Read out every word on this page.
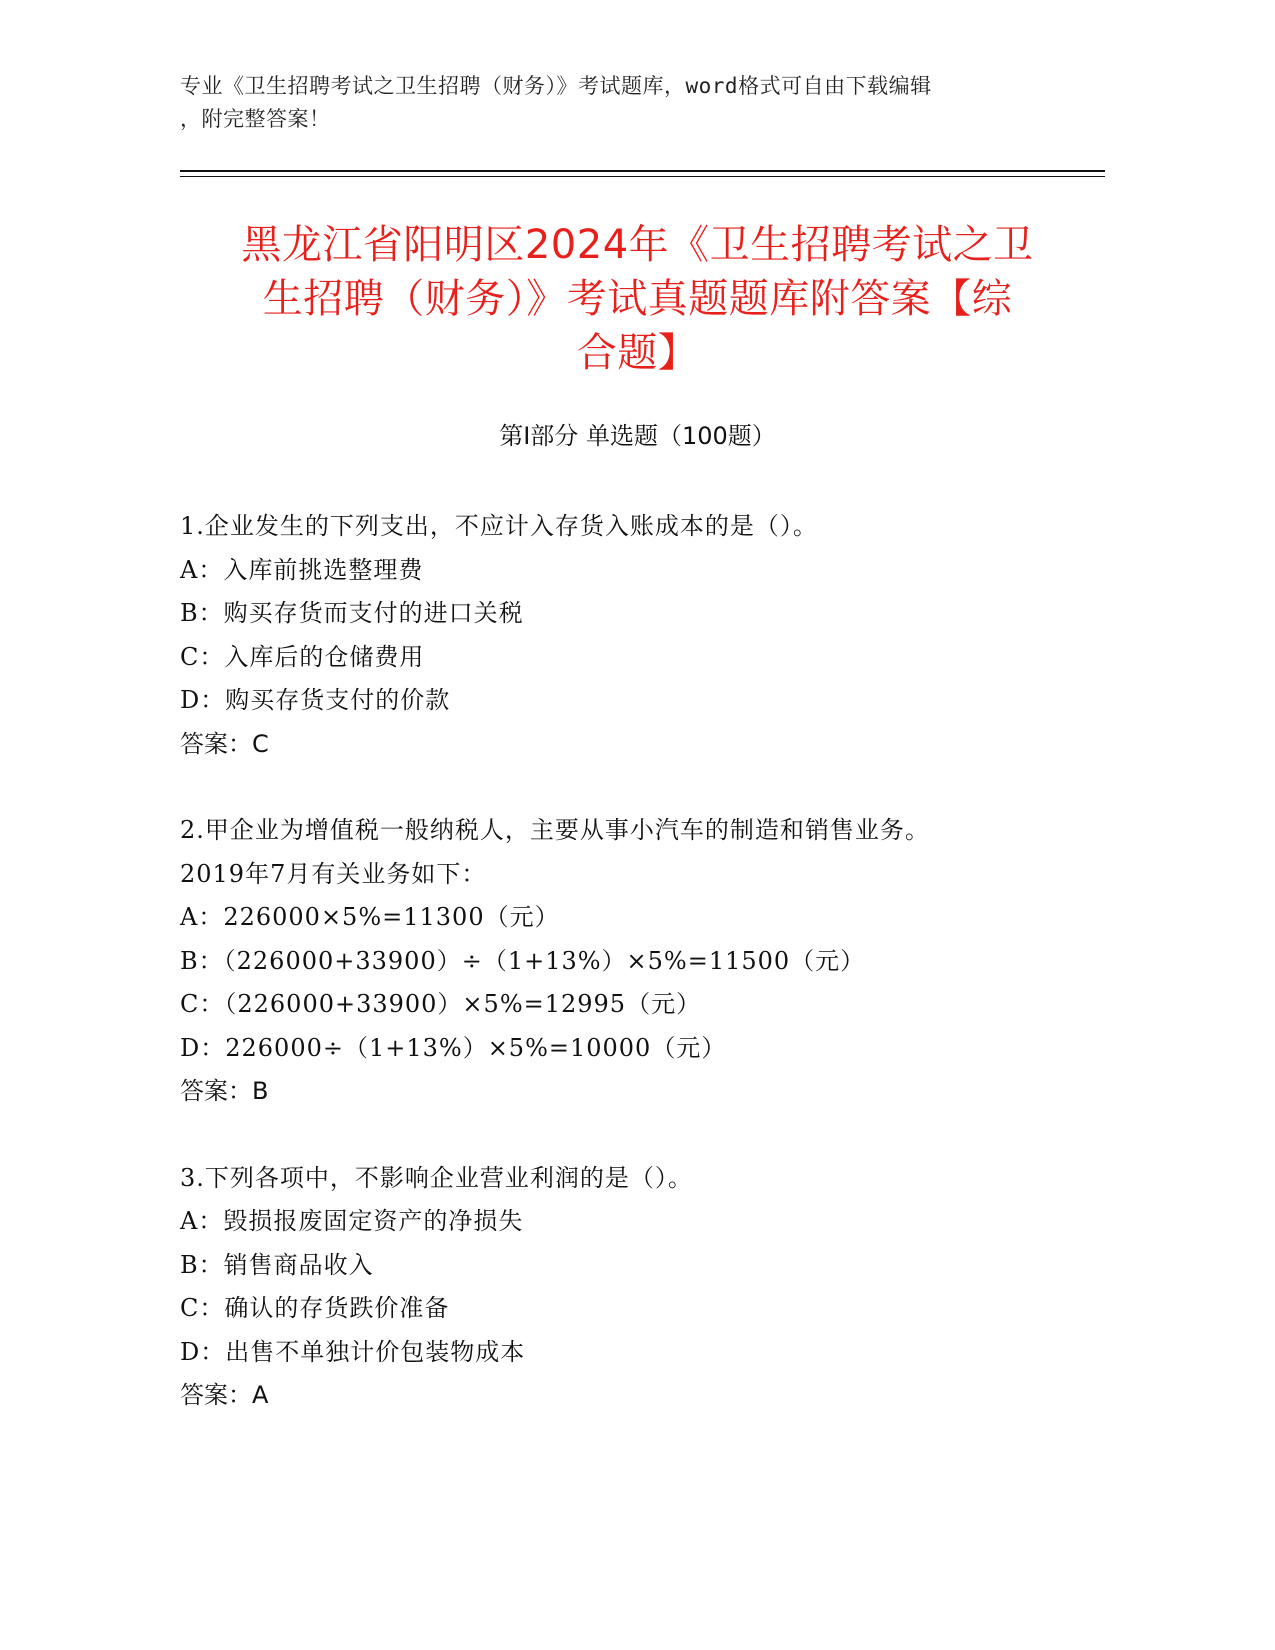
专业《卫生招聘考试之卫生招聘（财务）》考试题库，word格式可自由下载编辑
，附完整答案！
黑龙江省阳明区2024年《卫生招聘考试之卫
生招聘（财务）》考试真题题库附答案【综
合题】
第Ⅰ部分 单选题（100题）
1.企业发生的下列支出，不应计入存货入账成本的是（）。
A：入库前挑选整理费
B：购买存货而支付的进口关税
C：入库后的仓储费用
D：购买存货支付的价款
答案：C
2.甲企业为增值税一般纳税人，主要从事小汽车的制造和销售业务。
2019年7月有关业务如下：
A：226000×5%=11300（元）
B：（226000+33900）÷（1+13%）×5%=11500（元）
C：（226000+33900）×5%=12995（元）
D：226000÷（1+13%）×5%=10000（元）
答案：B
3.下列各项中，不影响企业营业利润的是（）。
A：毁损报废固定资产的净损失
B：销售商品收入
C：确认的存货跌价准备
D：出售不单独计价包装物成本
答案：A
